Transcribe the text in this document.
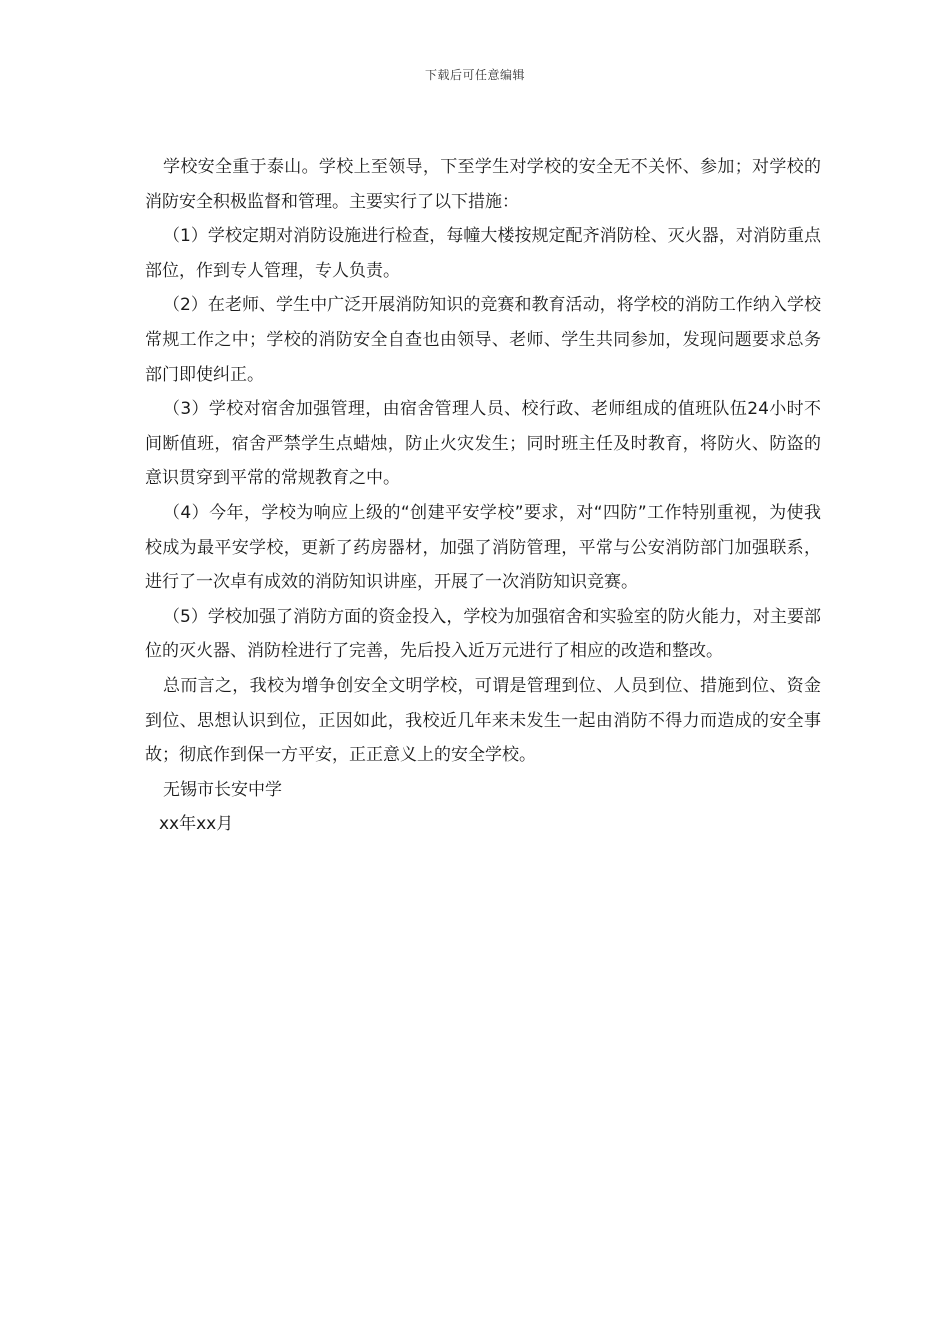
下载后可任意编辑

学校安全重于泰山。学校上至领导，下至学生对学校的安全无不关怀、参加；对学校的消防安全积极监督和管理。主要实行了以下措施：

（1）学校定期对消防设施进行检查，每幢大楼按规定配齐消防栓、灭火器，对消防重点部位，作到专人管理，专人负责。

（2）在老师、学生中广泛开展消防知识的竞赛和教育活动，将学校的消防工作纳入学校常规工作之中；学校的消防安全自查也由领导、老师、学生共同参加，发现问题要求总务部门即使纠正。

（3）学校对宿舍加强管理，由宿舍管理人员、校行政、老师组成的值班队伍24小时不间断值班，宿舍严禁学生点蜡烛，防止火灾发生；同时班主任及时教育，将防火、防盗的意识贯穿到平常的常规教育之中。

（4）今年，学校为响应上级的“创建平安学校”要求，对“四防”工作特别重视，为使我校成为最平安学校，更新了药房器材，加强了消防管理，平常与公安消防部门加强联系，进行了一次卓有成效的消防知识讲座，开展了一次消防知识竞赛。

（5）学校加强了消防方面的资金投入，学校为加强宿舍和实验室的防火能力，对主要部位的灭火器、消防栓进行了完善，先后投入近万元进行了相应的改造和整改。

总而言之，我校为增争创安全文明学校，可谓是管理到位、人员到位、措施到位、资金到位、思想认识到位，正因如此，我校近几年来未发生一起由消防不得力而造成的安全事故；彻底作到保一方平安，正正意义上的安全学校。

无锡市长安中学

xx年xx月
